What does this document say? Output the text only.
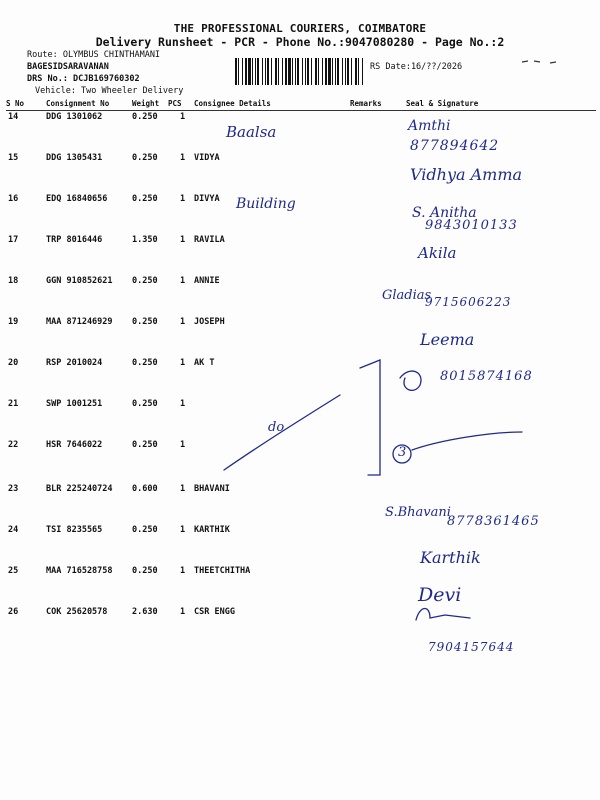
THE PROFESSIONAL COURIERS, COIMBATORE
Delivery Runsheet - PCR - Phone No.:9047080280 - Page No.:2
Route: OLYMBUS CHINTHAMANI
BAGESIDSARAVANAN
DRS No.: DCJB169760302
Vehicle: Two Wheeler Delivery
RS Date:16/??/2026
S No	Consignment No	Weight PCS Consignee Details	Remarks	Seal & Signature
14	DDG 1301062	0.250	1
15	DDG 1305431	0.250	1 VIDYA
16	EDQ 16840656	0.250	1 DIVYA
17	TRP 8016446	1.350	1 RAVILA
18	GGN 910852621 0.250	1 ANNIE
19	MAA 871246929 0.250	1 JOSEPH
20	RSP 2010024	0.250	1 AK T
21	SWP 1001251	0.250	1
22	HSR 7646022	0.250	1
23	BLR 225240724 0.600	1 BHAVANI
24	TSI 8235565	0.250	1 KARTHIK
25	MAA 716528758 0.250	1 THEETCHITHA
26	COK 25620578	2.630	1 CSR ENGG
Baalsa	Amthi
877894642
Vidhya Amma
Building
S. Anitha
9843010133
Akila
Gladias
9715606223
Leema
8015874168
do
3
S.Bhavani
8778361465
Karthik
Devi
7904157644
